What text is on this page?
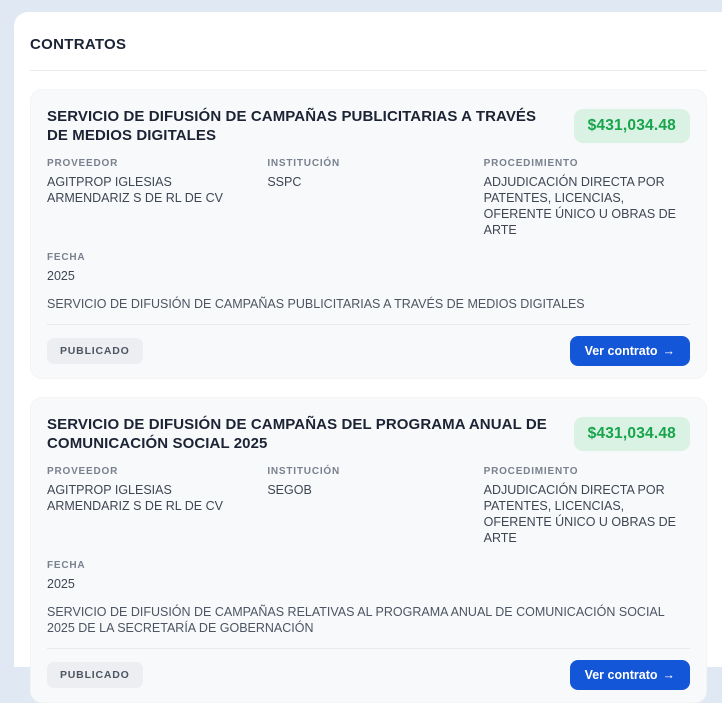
CONTRATOS
SERVICIO DE DIFUSIÓN DE CAMPAÑAS PUBLICITARIAS A TRAVÉS DE MEDIOS DIGITALES
$431,034.48
PROVEEDOR
AGITPROP IGLESIAS ARMENDARIZ S DE RL DE CV
INSTITUCIÓN
SSPC
PROCEDIMIENTO
ADJUDICACIÓN DIRECTA POR PATENTES, LICENCIAS, OFERENTE ÚNICO U OBRAS DE ARTE
FECHA
2025
SERVICIO DE DIFUSIÓN DE CAMPAÑAS PUBLICITARIAS A TRAVÉS DE MEDIOS DIGITALES
PUBLICADO	Ver contrato →
SERVICIO DE DIFUSIÓN DE CAMPAÑAS DEL PROGRAMA ANUAL DE COMUNICACIÓN SOCIAL 2025
$431,034.48
PROVEEDOR
AGITPROP IGLESIAS ARMENDARIZ S DE RL DE CV
INSTITUCIÓN
SEGOB
PROCEDIMIENTO
ADJUDICACIÓN DIRECTA POR PATENTES, LICENCIAS, OFERENTE ÚNICO U OBRAS DE ARTE
FECHA
2025
SERVICIO DE DIFUSIÓN DE CAMPAÑAS RELATIVAS AL PROGRAMA ANUAL DE COMUNICACIÓN SOCIAL 2025 DE LA SECRETARÍA DE GOBERNACIÓN
PUBLICADO	Ver contrato →
